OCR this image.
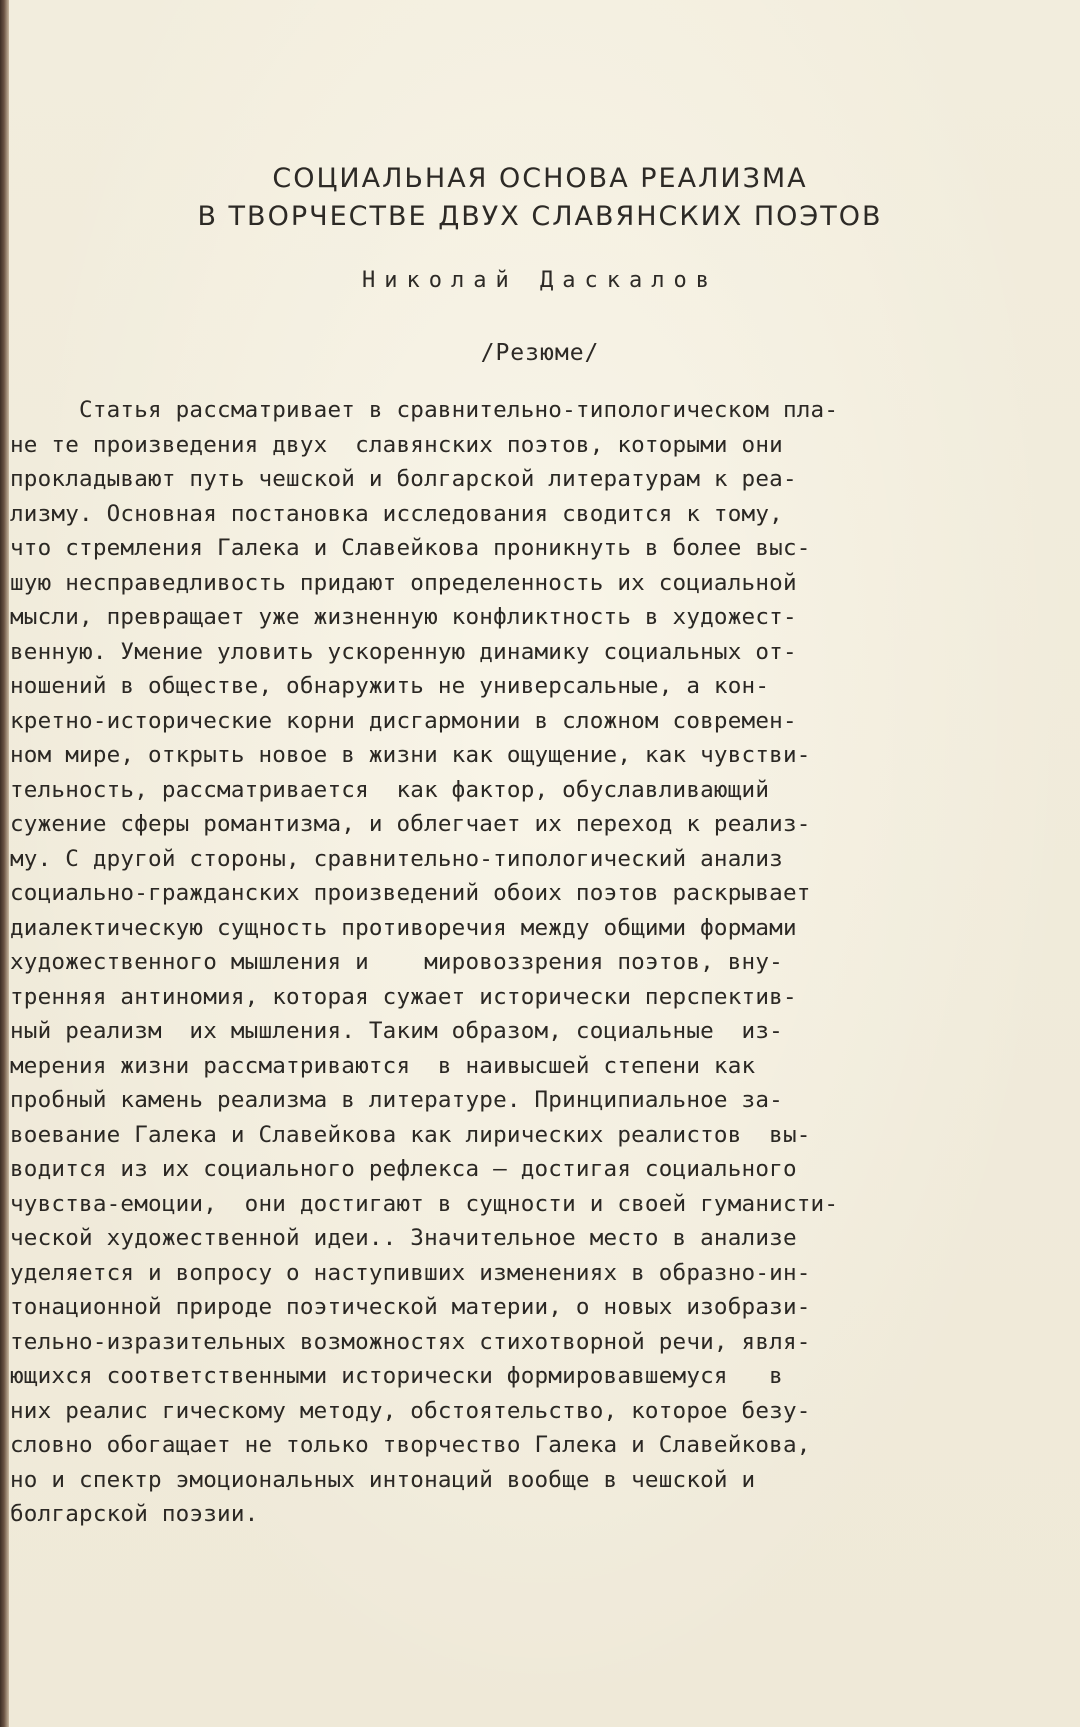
СОЦИАЛЬНАЯ ОСНОВА РЕАЛИЗМА
В ТВОРЧЕСТВЕ ДВУХ СЛАВЯНСКИХ ПОЭТОВ
Николай Даскалов
/Резюме/
Статья рассматривает в сравнительно-типологическом пла-
не те произведения двух  славянских поэтов, которыми они
прокладывают путь чешской и болгарской литературам к реа-
лизму. Основная постановка исследования сводится к тому,
что стремления Галека и Славейкова проникнуть в более выс-
шую несправедливость придают определенность их социальной
мысли, превращает уже жизненную конфликтность в художест-
венную. Умение уловить ускоренную динамику социальных от-
ношений в обществе, обнаружить не универсальные, а кон-
кретно-исторические корни дисгармонии в сложном современ-
ном мире, открыть новое в жизни как ощущение, как чувстви-
тельность, рассматривается  как фактор, обуславливающий
сужение сферы романтизма, и облегчает их переход к реализ-
му. С другой стороны, сравнительно-типологический анализ
социально-гражданских произведений обоих поэтов раскрывает
диалектическую сущность противоречия между общими формами
художественного мышления и    мировоззрения поэтов, вну-
тренняя антиномия, которая сужает исторически перспектив-
ный реализм  их мышления. Таким образом, социальные  из-
мерения жизни рассматриваются  в наивысшей степени как
пробный камень реализма в литературе. Принципиальное за-
воевание Галека и Славейкова как лирических реалистов  вы-
водится из их социального рефлекса – достигая социального
чувства-емоции,  они достигают в сущности и своей гуманисти-
ческой художественной идеи.. Значительное место в анализе
уделяется и вопросу о наступивших изменениях в образно-ин-
тонационной природе поэтической материи, о новых изобрази-
тельно-изразительных возможностях стихотворной речи, явля-
ющихся соответственными исторически формировавшемуся   в
них реалис гическому методу, обстоятельство, которое безу-
словно обогащает не только творчество Галека и Славейкова,
но и спектр эмоциональных интонаций вообще в чешской и
болгарской поэзии.
